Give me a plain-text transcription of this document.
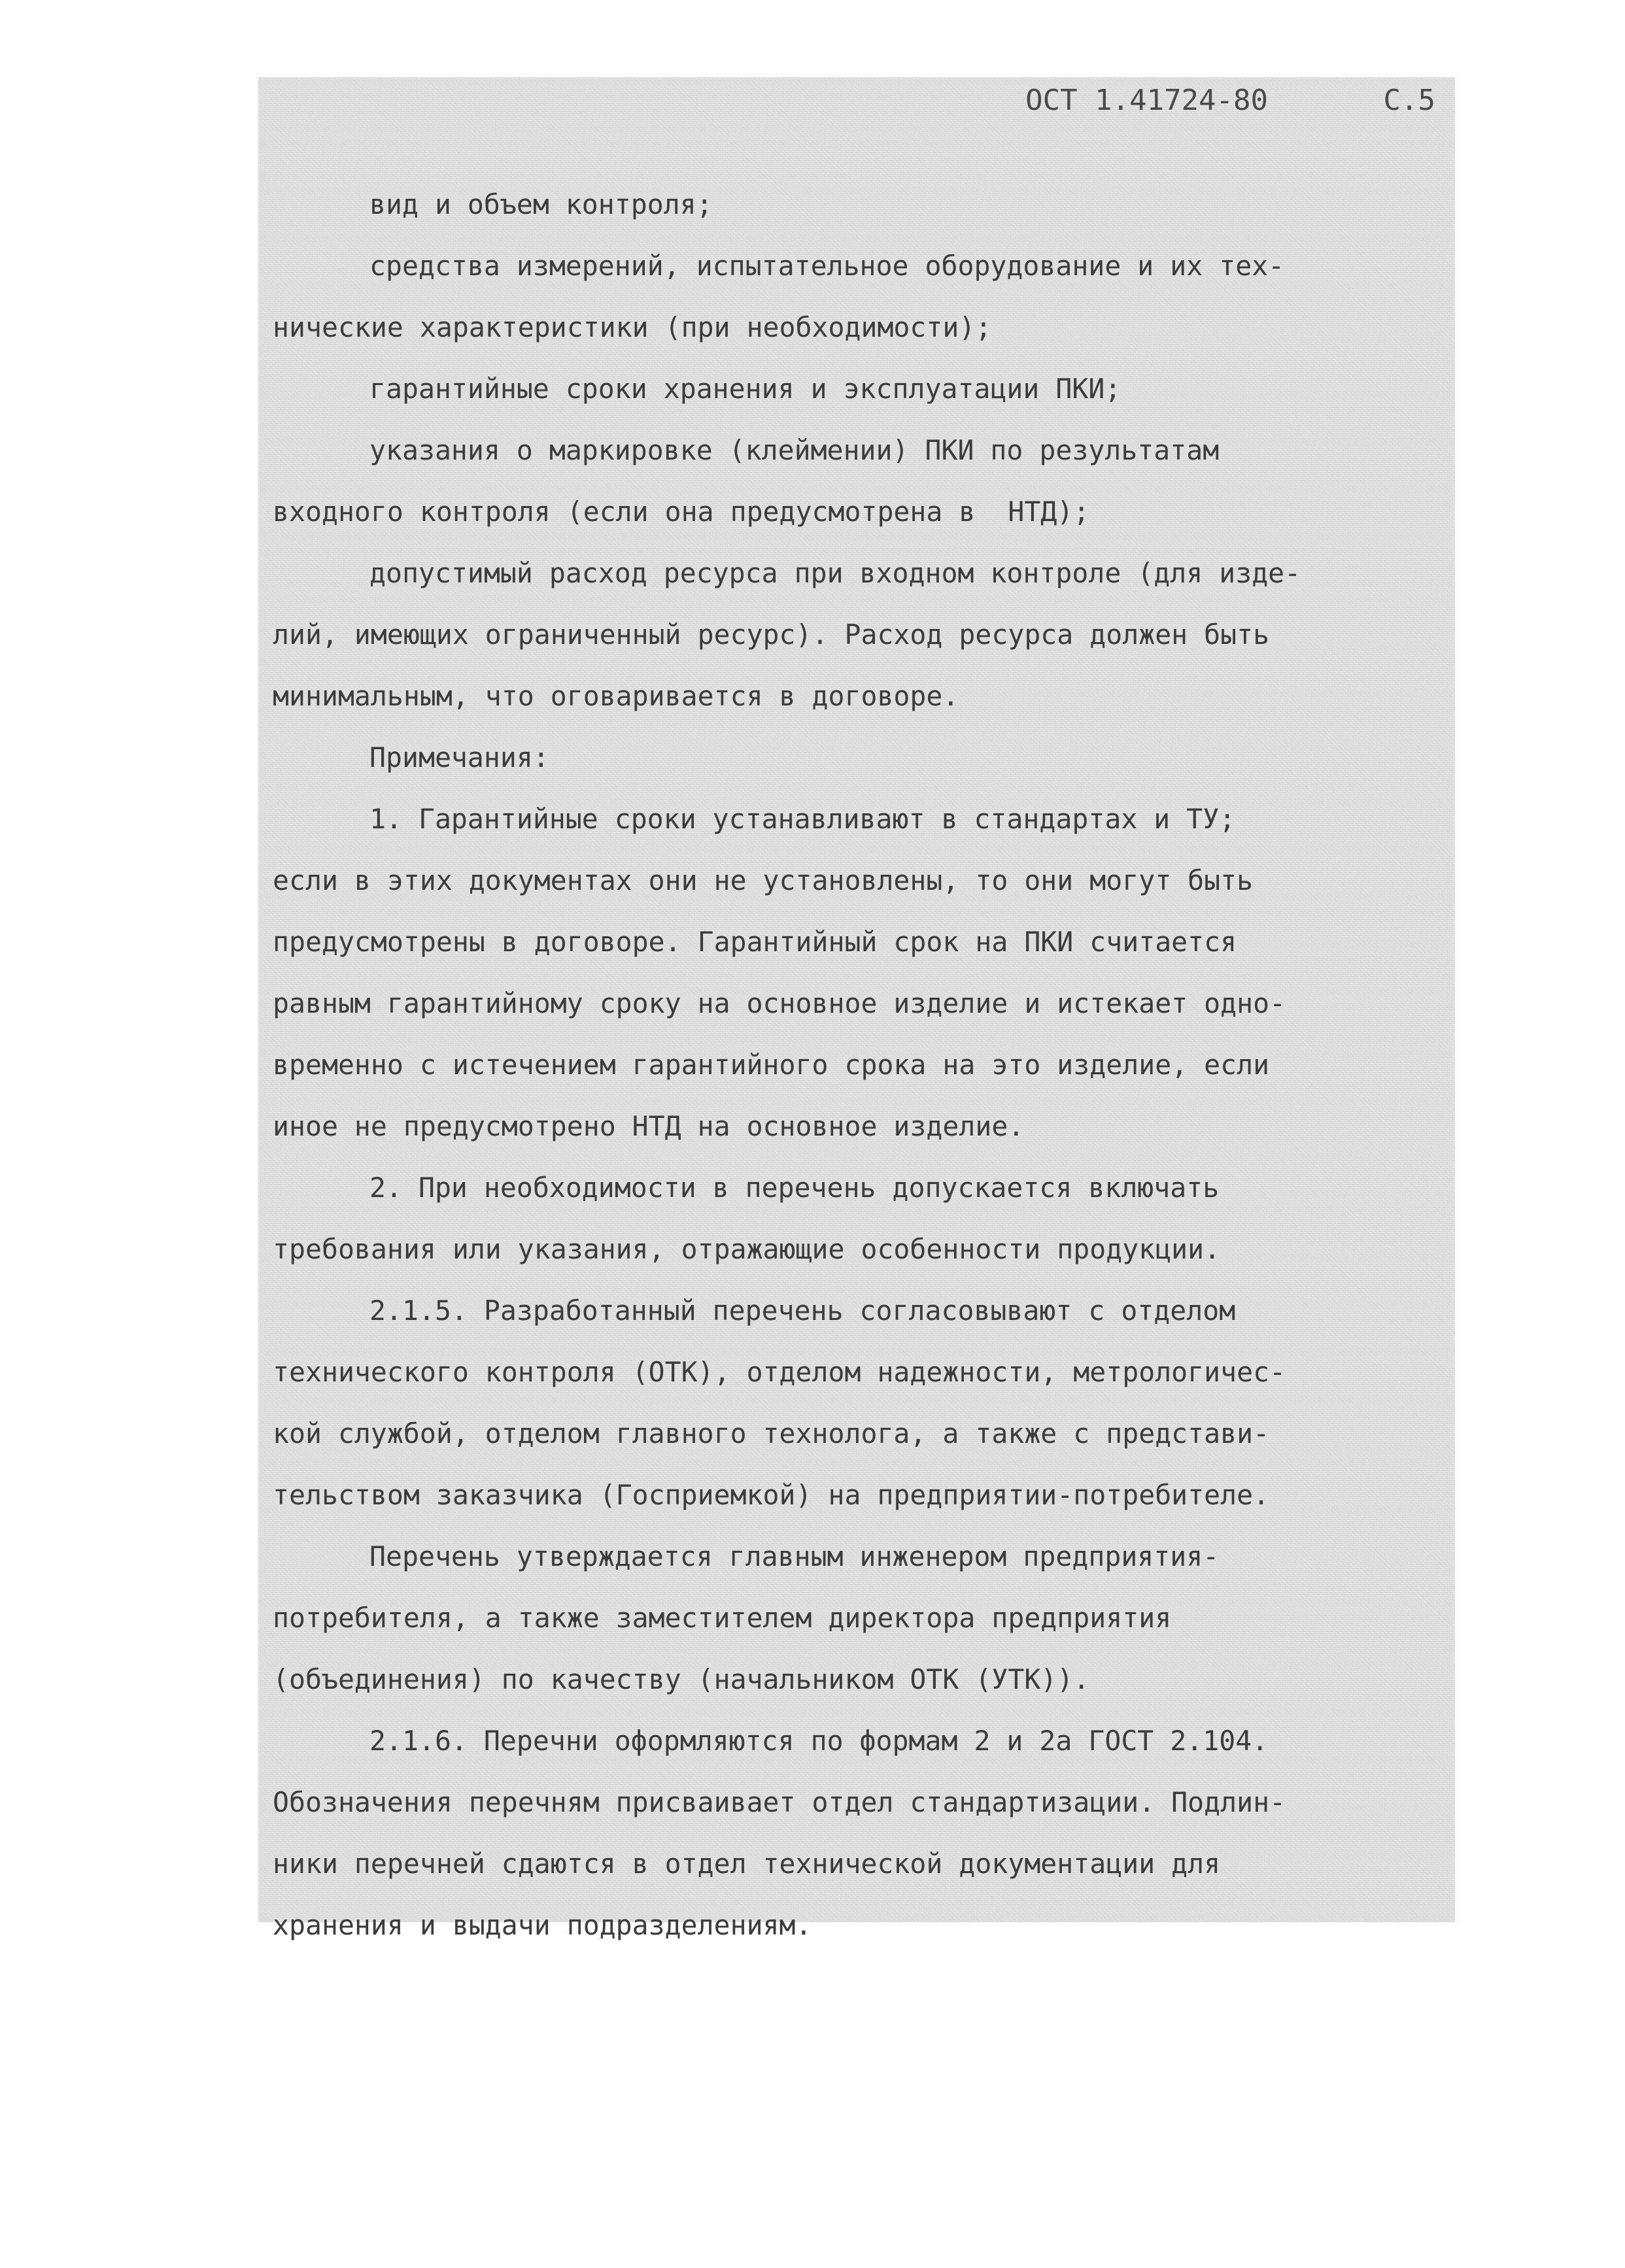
ОСТ 1.41724-80	С.5
вид и объем контроля;
средства измерений, испытательное оборудование и их тех-
нические характеристики (при необходимости);
гарантийные сроки хранения и эксплуатации ПКИ;
указания о маркировке (клеймении) ПКИ по результатам
входного контроля (если она предусмотрена в  НТД);
допустимый расход ресурса при входном контроле (для изде-
лий, имеющих ограниченный ресурс). Расход ресурса должен быть
минимальным, что оговаривается в договоре.
Примечания:
1. Гарантийные сроки устанавливают в стандартах и ТУ;
если в этих документах они не установлены, то они могут быть
предусмотрены в договоре. Гарантийный срок на ПКИ считается
равным гарантийному сроку на основное изделие и истекает одно-
временно с истечением гарантийного срока на это изделие, если
иное не предусмотрено НТД на основное изделие.
2. При необходимости в перечень допускается включать
требования или указания, отражающие особенности продукции.
2.1.5. Разработанный перечень согласовывают с отделом
технического контроля (ОТК), отделом надежности, метрологичес-
кой службой, отделом главного технолога, а также с представи-
тельством заказчика (Госприемкой) на предприятии-потребителе.
Перечень утверждается главным инженером предприятия-
потребителя, а также заместителем директора предприятия
(объединения) по качеству (начальником ОТК (УТК)).
2.1.6. Перечни оформляются по формам 2 и 2а ГОСТ 2.104.
Обозначения перечням присваивает отдел стандартизации. Подлин-
ники перечней сдаются в отдел технической документации для
хранения и выдачи подразделениям.
